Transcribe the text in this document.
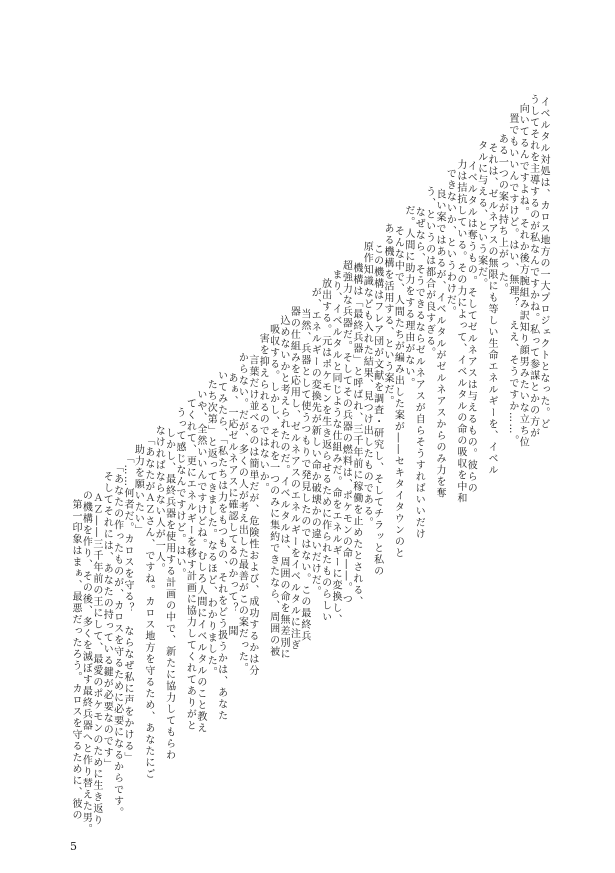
　イベルタル対処は、カロス地方の一大プロジェクトとなった。ど
うしてそれを主導するのが私なんですかね。私って参謀とかの方が
向いてるんですよね。それか後方腕組み訳知り顔男みたいな立ち位
置でもいいんですけど。はい、無理？　ええ、そうですか……。
　ある一つの案が持ち上がった。
　それは、ゼルネアスの無限にも等しい生命エネルギーを、イベル
タルに与える、という案だ。
　イベルタルは奪うもの。そしてゼルネアスは与えるもの。彼らの
力は拮抗している。その力によって、イベルタルの命の吸収を中和
できないか、というわけだ。
　良い案ではあるが、イベルタルがゼルネアスからのみ力を奪
う、というのは都合が良すぎる。
　なぜなら、そうできるならゼルネアスが自らそうすればいいだけ
だ。人間に助力をする理由がない。
　そんな中で、人間たちが編み出した案が――セキタイタウンのと
ある機構を活用する、という案だ。
　この機構はフレア団が文献を調査・研究し、そしてチラッと私の
原作知識なども入れた結果、見つけ出したものである。
　機構は「最終兵器」と呼ばれ、三千年前に稼働を止めたとされる、
超強力な兵器だ。そしてその兵器の燃料は、ポケモンの命――。つ
まり、イベルタルと同じような仕組みだ。命をエネルギーに変換し、
放出する。元はポケモンを生き返らせるために作られたものらしい
が、エネルギーの変換先が新しい命か破壊かの違いだけだ。
　当然、兵器として使うつもりで発見したのではない。この最終兵
器の仕組みを応用し、ゼルネアスのエネルギーをイベルタルに注ぎ
込めないかと考えられたのだ。イベルタルは、周囲の命を無差別に
吸収する。しかし、それを一つのみに集約できたなら、周囲の被
害を抑えられるのではないか。
　言葉だけ並べるのは簡単だが、危険性および、成功するかは分
からない。だが、多くの人が考え出した最善がこの案だった。
　あぁ、一応ゼルネアスに確認してるのかって？　聞
いてみたら、「私たちは力をもつもの、それをどう扱うかは、あなた
たち次第」と返ってきました。なるほど、わかりました。
いや、全然いいんですけどね。むしろ人間にイベルタルのこと教え
てくれて、更にエネルギーを移す計画に協力してくれてありがと
うって感じなんですけど。はい。
　しかし、最終兵器を使用する計画の中で、新たに協力してもらわ
なければならない人が一人。
「あなたがＡＺさん、ですね。カロス地方を守るため、あなたにご
助力を願いたい」
「……何者だ。カロスを守る？　ならなぜ私に声をかける」
「あなたの作ったものが、カロスを守るために必要になるからです。
そしてそれには、あなたの持っている鍵が必要なのです」
　ＡＺ――三千年前の王にして、最愛のポケモンのために生き返り
の機構を作り、その後、多くを滅ぼす最終兵器へと作り替えた男。
第一印象はまぁ、最悪だったろう。カロスを守るために、彼の
5
